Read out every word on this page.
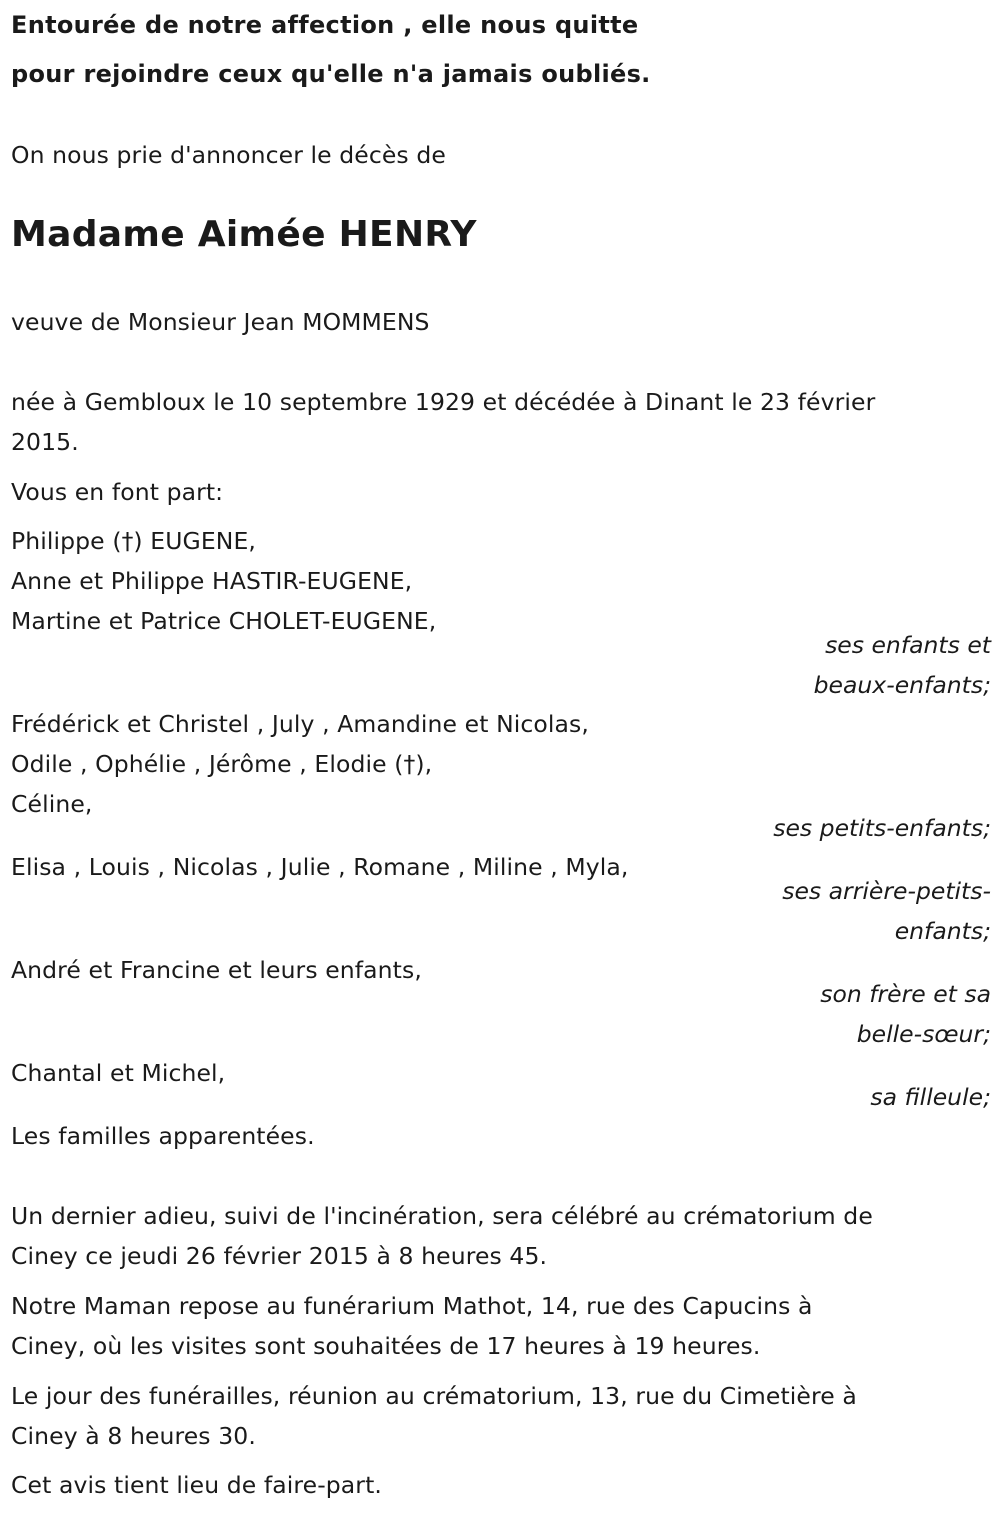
Entourée de notre affection , elle nous quitte

pour rejoindre ceux qu'elle n'a jamais oubliés.

On nous prie d'annoncer le décès de

Madame Aimée HENRY

veuve de Monsieur Jean MOMMENS

née à Gembloux le 10 septembre 1929 et décédée à Dinant le 23 février

2015.

Vous en font part:

Philippe (†) EUGENE,

Anne et Philippe HASTIR-EUGENE,

Martine et Patrice CHOLET-EUGENE,

ses enfants et

beaux-enfants;

Frédérick et Christel , July , Amandine et Nicolas,

Odile , Ophélie , Jérôme , Elodie (†),

Céline,

ses petits-enfants;

Elisa , Louis , Nicolas , Julie , Romane , Miline , Myla,

ses arrière-petits-

enfants;

André et Francine et leurs enfants,

son frère et sa

belle-sœur;

Chantal et Michel,

sa filleule;

Les familles apparentées.

Un dernier adieu, suivi de l'incinération, sera célébré au crématorium de

Ciney ce jeudi 26 février 2015 à 8 heures 45.

Notre Maman repose au funérarium Mathot, 14, rue des Capucins à

Ciney, où les visites sont souhaitées de 17 heures à 19 heures.

Le jour des funérailles, réunion au crématorium, 13, rue du Cimetière à

Ciney à 8 heures 30.

Cet avis tient lieu de faire-part.
